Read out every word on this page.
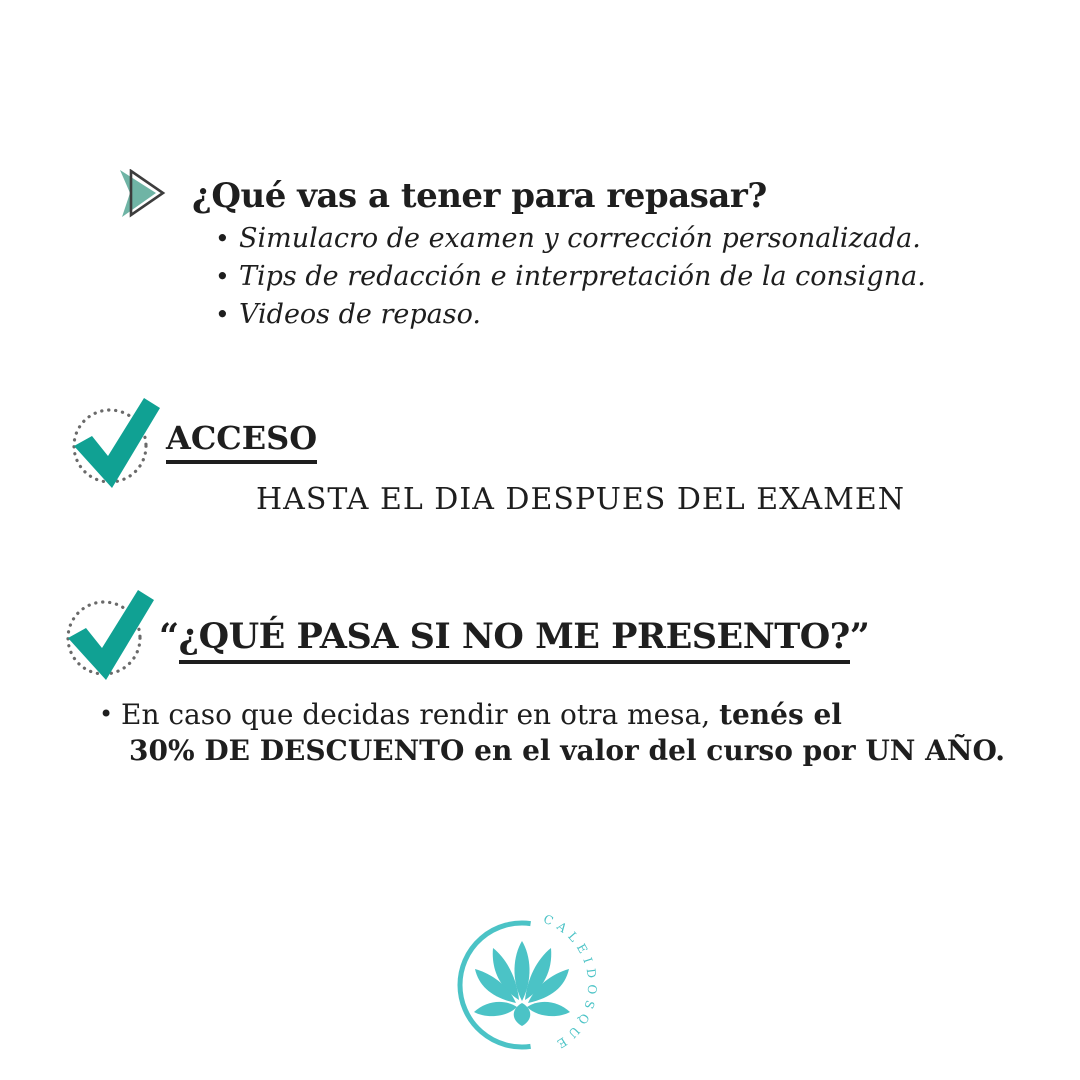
¿Qué vas a tener para repasar?
• Simulacro de examen y corrección personalizada.
• Tips de redacción e interpretación de la consigna.
• Videos de repaso.
ACCESO
HASTA EL DIA DESPUES DEL EXAMEN
“¿QUÉ PASA SI NO ME PRESENTO?”
• En caso que decidas rendir en otra mesa, tenés el
30% DE DESCUENTO en el valor del curso por UN AÑO.
CALEIDOSQUE
